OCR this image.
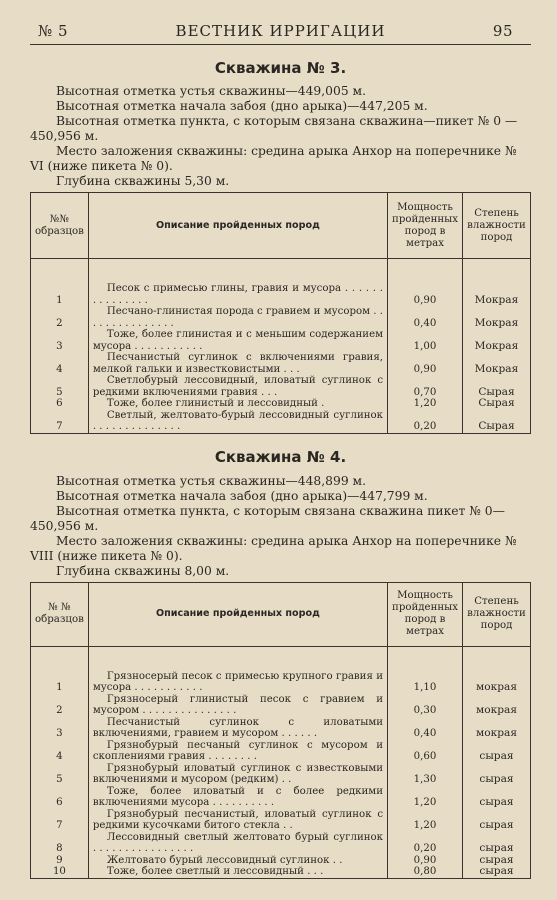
№ 5	ВЕСТНИК ИРРИГАЦИИ	95
Скважина № 3.

Высотная отметка устья скважины—449,005 м.

Высотная отметка начала забоя (дно арыка)—447,205 м.

Высотная отметка пункта, с которым связана скважина—пикет № 0 —450,956 м.

Место заложения скважины: средина арыка Анхор на поперечнике № VI (ниже пикета № 0).

Глубина скважины 5,30 м.

№№ образцов	Описание пройденных пород	Мощность пройденных пород в метрах	Степень влажности пород

1	Песок с примесью глины, гравия и мусора . . . . . . . . . . . . . . .	0,90	Мокрая
2	Песчано-глинистая порода с гравием и мусором . . . . . . . . . . . . . . .	0,40	Мокрая
3	Тоже, более глинистая и с меньшим содержанием мусора . . . . . . . . . . .	1,00	Мокрая
4	Песчанистый суглинок с включениями гравия, мелкой гальки и известковистыми . . .	0,90	Мокрая
5	Светлобурый лессовидный, иловатый суглинок с редкими включениями гравия . . .	0,70	Сырая
6	Тоже, более глинистый и лессовидный .	1,20	Сырая
7	Светлый, желтовато-бурый лессовидный суглинок . . . . . . . . . . . . . .	0,20	Сырая
Скважина № 4.

Высотная отметка устья скважины—448,899 м.

Высотная отметка начала забоя (дно арыка)—447,799 м.

Высотная отметка пункта, с которым связана скважина пикет № 0—450,956 м.

Место заложения скважины: средина арыка Анхор на поперечнике № VIII (ниже пикета № 0).

Глубина скважины 8,00 м.

№ № образцов	Описание пройденных пород	Мощность пройденных пород в метрах	Степень влажности пород

1	Грязносерый песок с примесью крупного гравия и мусора . . . . . . . . . . .	1,10	мокрая
2	Грязносерый глинистый песок с гравием и мусором . . . . . . . . . . . . . . .	0,30	мокрая
3	Песчанистый суглинок с иловатыми включениями, гравием и мусором . . . . . .	0,40	мокрая
4	Грязнобурый песчаный суглинок с мусором и скоплениями гравия . . . . . . . .	0,60	сырая
5	Грязнобурый иловатый суглинок с известковыми включениями и мусором (редким) . .	1,30	сырая
6	Тоже, более иловатый и с более редкими включениями мусора . . . . . . . . . .	1,20	сырая
7	Грязнобурый песчанистый, иловатый суглинок с редкими кусочками битого стекла . .	1,20	сырая
8	Лессовидный светлый желтовато бурый суглинок . . . . . . . . . . . . . . . .	0,20	сырая
9	Желтовато бурый лессовидный суглинок . .	0,90	сырая
10	Тоже, более светлый и лессовидный . . .	0,80	сырая
